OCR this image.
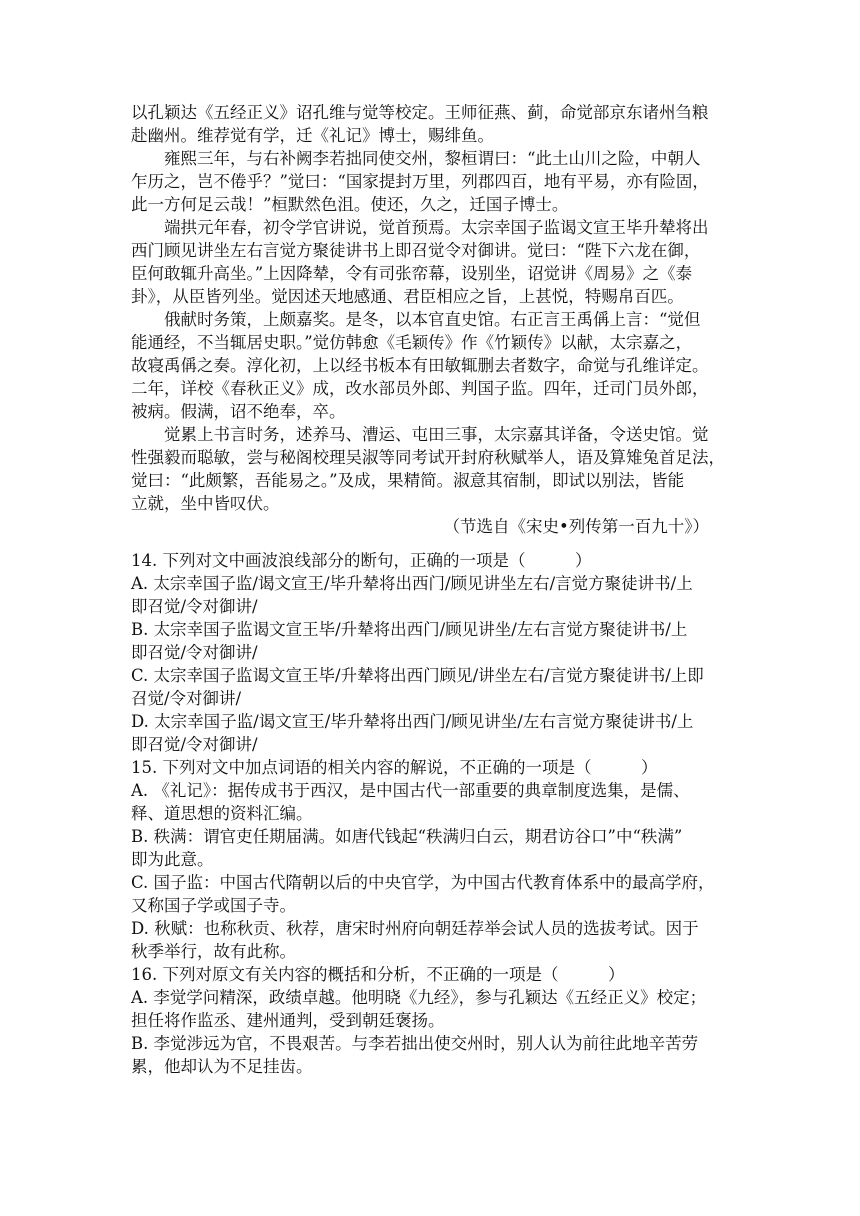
以孔颖达《五经正义》诏孔维与觉等校定。王师征燕、蓟，命觉部京东诸州刍粮
赴幽州。维荐觉有学，迁《礼记》博士，赐绯鱼。
雍熙三年，与右补阙李若拙同使交州，黎桓谓曰：“此土山川之险，中朝人
乍历之，岂不倦乎？”觉曰：“国家提封万里，列郡四百，地有平易，亦有险固，
此一方何足云哉！”桓默然色沮。使还，久之，迁国子博士。
端拱元年春，初令学官讲说，觉首预焉。太宗幸国子监谒文宣王毕升辇将出
西门顾见讲坐左右言觉方聚徒讲书上即召觉令对御讲。觉曰：“陛下六龙在御，
臣何敢辄升高坐。”上因降辇，令有司张帟幕，设别坐，诏觉讲《周易》之《泰
卦》，从臣皆列坐。觉因述天地感通、君臣相应之旨，上甚悦，特赐帛百匹。
俄献时务策，上颇嘉奖。是冬，以本官直史馆。右正言王禹偁上言：“觉但
能通经，不当辄居史职。”觉仿韩愈《毛颖传》作《竹颖传》以献，太宗嘉之，
故寝禹偁之奏。淳化初，上以经书板本有田敏辄删去者数字，命觉与孔维详定。
二年，详校《春秋正义》成，改水部员外郎、判国子监。四年，迁司门员外郎，
被病。假满，诏不绝奉，卒。
觉累上书言时务，述养马、漕运、屯田三事，太宗嘉其详备，令送史馆。觉
性强毅而聪敏，尝与秘阁校理吴淑等同考试开封府秋赋举人，语及算雉兔首足法，
觉曰：“此颇繁，吾能易之。”及成，果精简。淑意其宿制，即试以别法，皆能
立就，坐中皆叹伏。
（节选自《宋史•列传第一百九十》）
14. 下列对文中画波浪线部分的断句，正确的一项是（　　　）
A. 太宗幸国子监/谒文宣王/毕升辇将出西门/顾见讲坐左右/言觉方聚徒讲书/上
即召觉/令对御讲/
B. 太宗幸国子监谒文宣王毕/升辇将出西门/顾见讲坐/左右言觉方聚徒讲书/上
即召觉/令对御讲/
C. 太宗幸国子监谒文宣王毕/升辇将出西门顾见/讲坐左右/言觉方聚徒讲书/上即
召觉/令对御讲/
D. 太宗幸国子监/谒文宣王/毕升辇将出西门/顾见讲坐/左右言觉方聚徒讲书/上
即召觉/令对御讲/
15. 下列对文中加点词语的相关内容的解说，不正确的一项是（　　　）
A. 《礼记》：据传成书于西汉，是中国古代一部重要的典章制度选集，是儒、
释、道思想的资料汇编。
B. 秩满：谓官吏任期届满。如唐代钱起“秩满归白云，期君访谷口”中“秩满”
即为此意。
C. 国子监：中国古代隋朝以后的中央官学，为中国古代教育体系中的最高学府，
又称国子学或国子寺。
D. 秋赋：也称秋贡、秋荐，唐宋时州府向朝廷荐举会试人员的选拔考试。因于
秋季举行，故有此称。
16. 下列对原文有关内容的概括和分析，不正确的一项是（　　　）
A. 李觉学问精深，政绩卓越。他明晓《九经》，参与孔颖达《五经正义》校定；
担任将作监丞、建州通判，受到朝廷褒扬。
B. 李觉涉远为官，不畏艰苦。与李若拙出使交州时，别人认为前往此地辛苦劳
累，他却认为不足挂齿。
